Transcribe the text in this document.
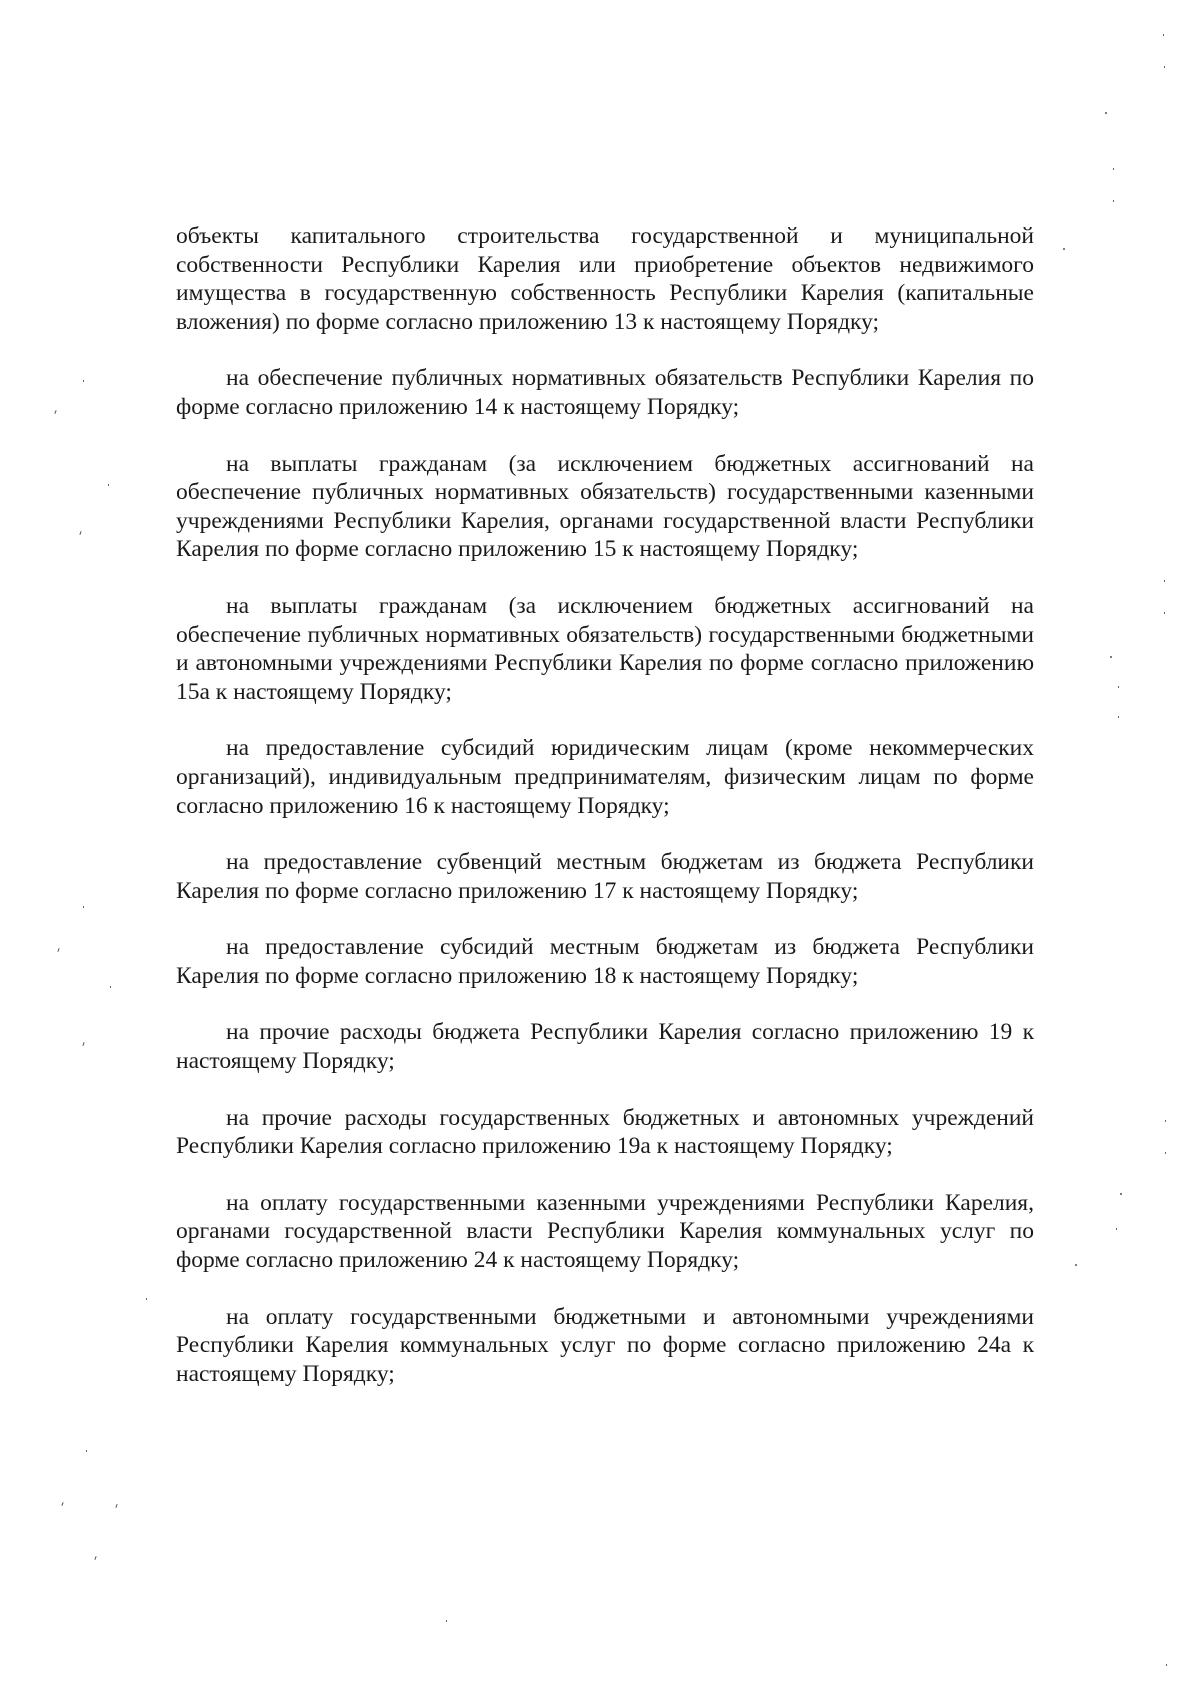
объекты капитального строительства государственной и муниципальной собственности Республики Карелия или приобретение объектов недвижимого имущества в государственную собственность Республики Карелия (капитальные вложения) по форме согласно приложению 13 к настоящему Порядку;

на обеспечение публичных нормативных обязательств Республики Карелия по форме согласно приложению 14 к настоящему Порядку;

на выплаты гражданам (за исключением бюджетных ассигнований на обеспечение публичных нормативных обязательств) государственными казенными учреждениями Республики Карелия, органами государственной власти Республики Карелия по форме согласно приложению 15 к настоящему Порядку;

на выплаты гражданам (за исключением бюджетных ассигнований на обеспечение публичных нормативных обязательств) государственными бюджетными и автономными учреждениями Республики Карелия по форме согласно приложению 15а к настоящему Порядку;

на предоставление субсидий юридическим лицам (кроме некоммерческих организаций), индивидуальным предпринимателям, физическим лицам по форме согласно приложению 16 к настоящему Порядку;

на предоставление субвенций местным бюджетам из бюджета Республики Карелия по форме согласно приложению 17 к настоящему Порядку;

на предоставление субсидий местным бюджетам из бюджета Республики Карелия по форме согласно приложению 18 к настоящему Порядку;

на прочие расходы бюджета Республики Карелия согласно приложению 19 к настоящему Порядку;

на прочие расходы государственных бюджетных и автономных учреждений Республики Карелия согласно приложению 19а к настоящему Порядку;

на оплату государственными казенными учреждениями Республики Карелия, органами государственной власти Республики Карелия коммунальных услуг по форме согласно приложению 24 к настоящему Порядку;

на оплату государственными бюджетными и автономными учреждениями Республики Карелия коммунальных услуг по форме согласно приложению 24а к настоящему Порядку;
